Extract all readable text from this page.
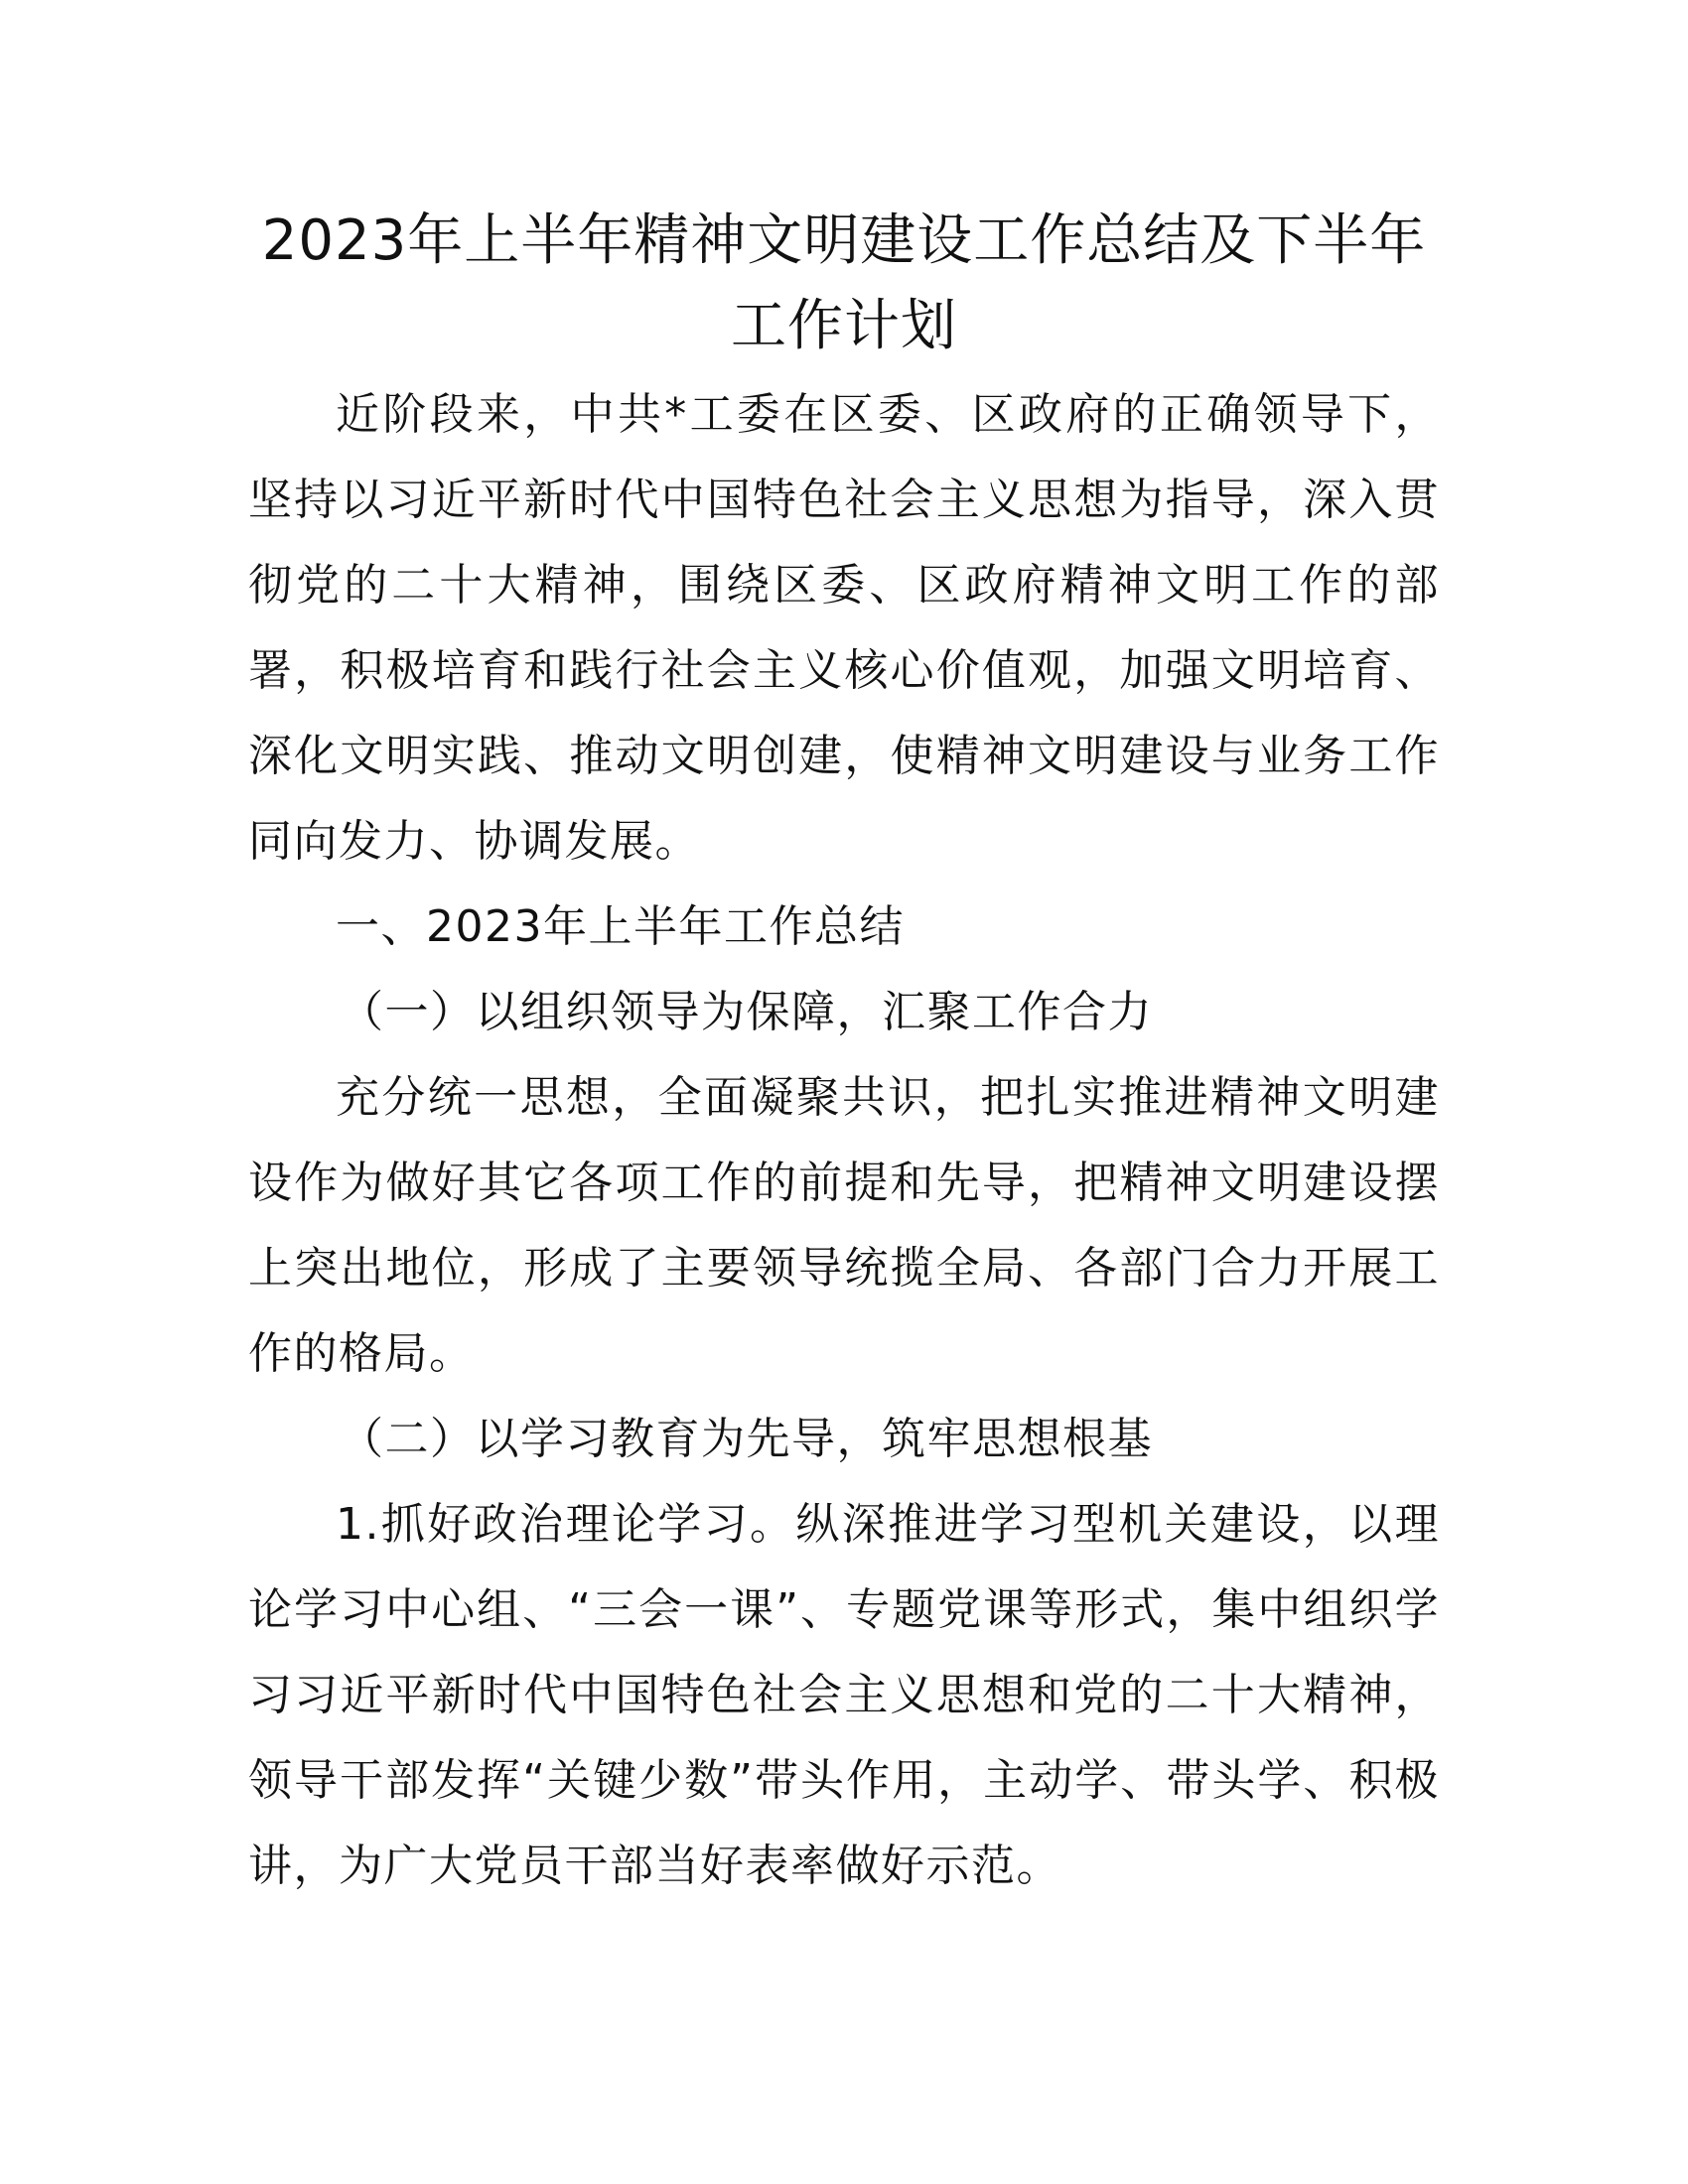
2023年上半年精神文明建设工作总结及下半年工作计划

近阶段来，中共*工委在区委、区政府的正确领导下，坚持以习近平新时代中国特色社会主义思想为指导，深入贯彻党的二十大精神，围绕区委、区政府精神文明工作的部署，积极培育和践行社会主义核心价值观，加强文明培育、深化文明实践、推动文明创建，使精神文明建设与业务工作同向发力、协调发展。

一、2023年上半年工作总结

（一）以组织领导为保障，汇聚工作合力

充分统一思想，全面凝聚共识，把扎实推进精神文明建设作为做好其它各项工作的前提和先导，把精神文明建设摆上突出地位，形成了主要领导统揽全局、各部门合力开展工作的格局。

（二）以学习教育为先导，筑牢思想根基

1.抓好政治理论学习。纵深推进学习型机关建设，以理论学习中心组、“三会一课”、专题党课等形式，集中组织学习习近平新时代中国特色社会主义思想和党的二十大精神，领导干部发挥“关键少数”带头作用，主动学、带头学、积极讲，为广大党员干部当好表率做好示范。
